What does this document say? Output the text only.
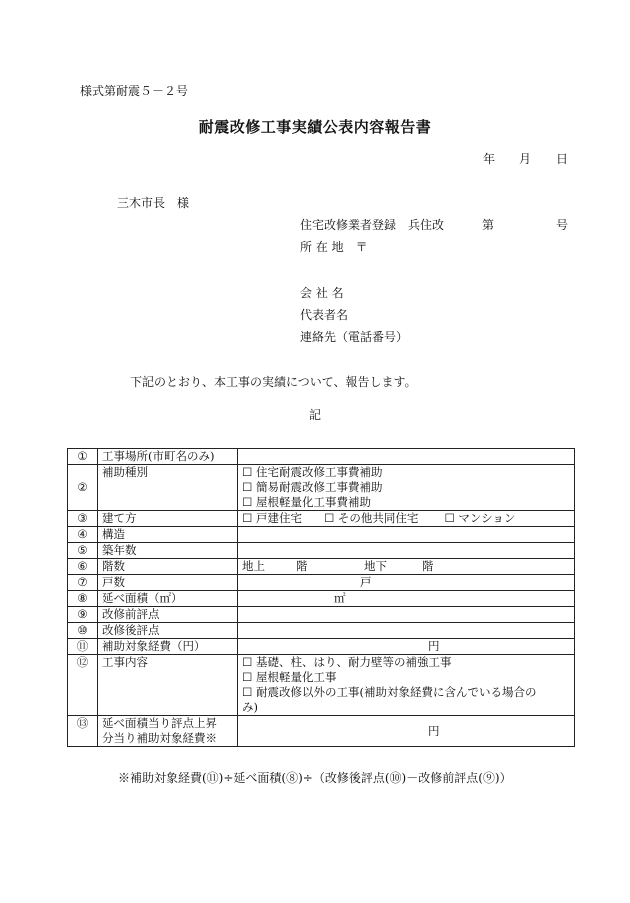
様式第耐震５－２号
耐震改修工事実績公表内容報告書
年 月 日
三木市長　様
住宅改修業者登録　兵住改	第	号
所 在 地　〒
会 社 名
代表者名
連絡先（電話番号）
下記のとおり、本工事の実績について、報告します。
記
①	工事場所(市町名のみ)	
②	補助種別	☐ 住宅耐震改修工事費補助
☐ 簡易耐震改修工事費補助
☐ 屋根軽量化工事費補助

③	建て方	☐ 戸建住宅 ☐ その他共同住宅 ☐ マンション
④	構造	
⑤	築年数	
⑥	階数	地上 階 地下 階
⑦	戸数	戸
⑧	延べ面積（㎡）	㎡
⑨	改修前評点	
⑩	改修後評点	
⑪	補助対象経費（円）	円
⑫	工事内容	☐ 基礎、柱、はり、耐力壁等の補強工事
☐ 屋根軽量化工事
☐ 耐震改修以外の工事(補助対象経費に含んでいる場合の
み)

⑬	延べ面積当り評点上昇
分当り補助対象経費※	円
※補助対象経費(⑪)÷延べ面積(⑧)÷（改修後評点(⑩)－改修前評点(⑨)）
